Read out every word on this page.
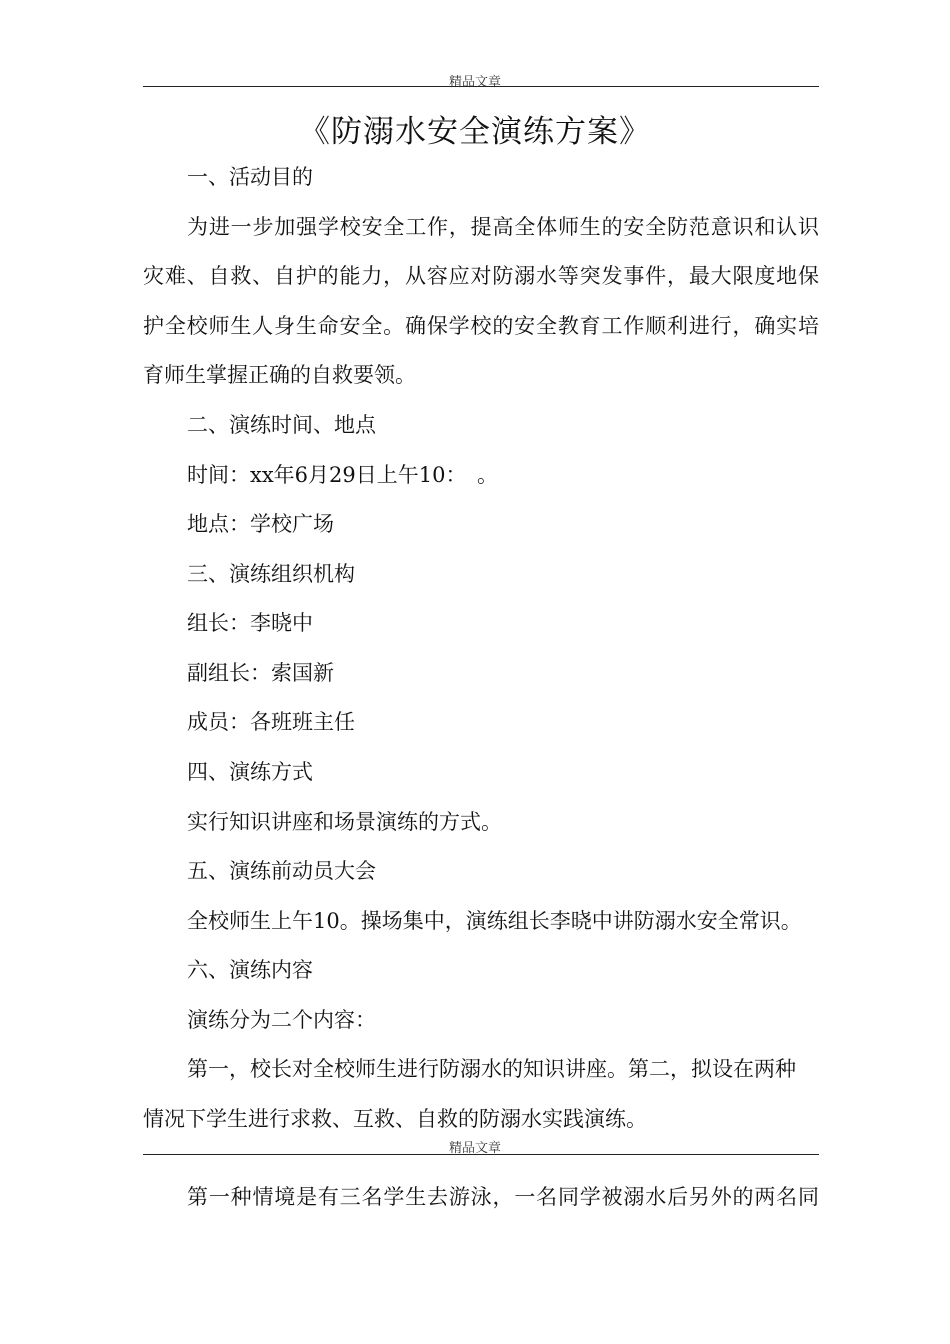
精品文章
《防溺水安全演练方案》
一、活动目的
为进一步加强学校安全工作，提高全体师生的安全防范意识和认识
灾难、自救、自护的能力，从容应对防溺水等突发事件，最大限度地保
护全校师生人身生命安全。确保学校的安全教育工作顺利进行，确实培
育师生掌握正确的自救要领。
二、演练时间、地点
时间：xx年6月29日上午10：　。
地点：学校广场
三、演练组织机构
组长：李晓中
副组长：索国新
成员：各班班主任
四、演练方式
实行知识讲座和场景演练的方式。
五、演练前动员大会
全校师生上午10。操场集中，演练组长李晓中讲防溺水安全常识。
六、演练内容
演练分为二个内容：
第一，校长对全校师生进行防溺水的知识讲座。第二，拟设在两种
情况下学生进行求救、互救、自救的防溺水实践演练。
精品文章
第一种情境是有三名学生去游泳，一名同学被溺水后另外的两名同
